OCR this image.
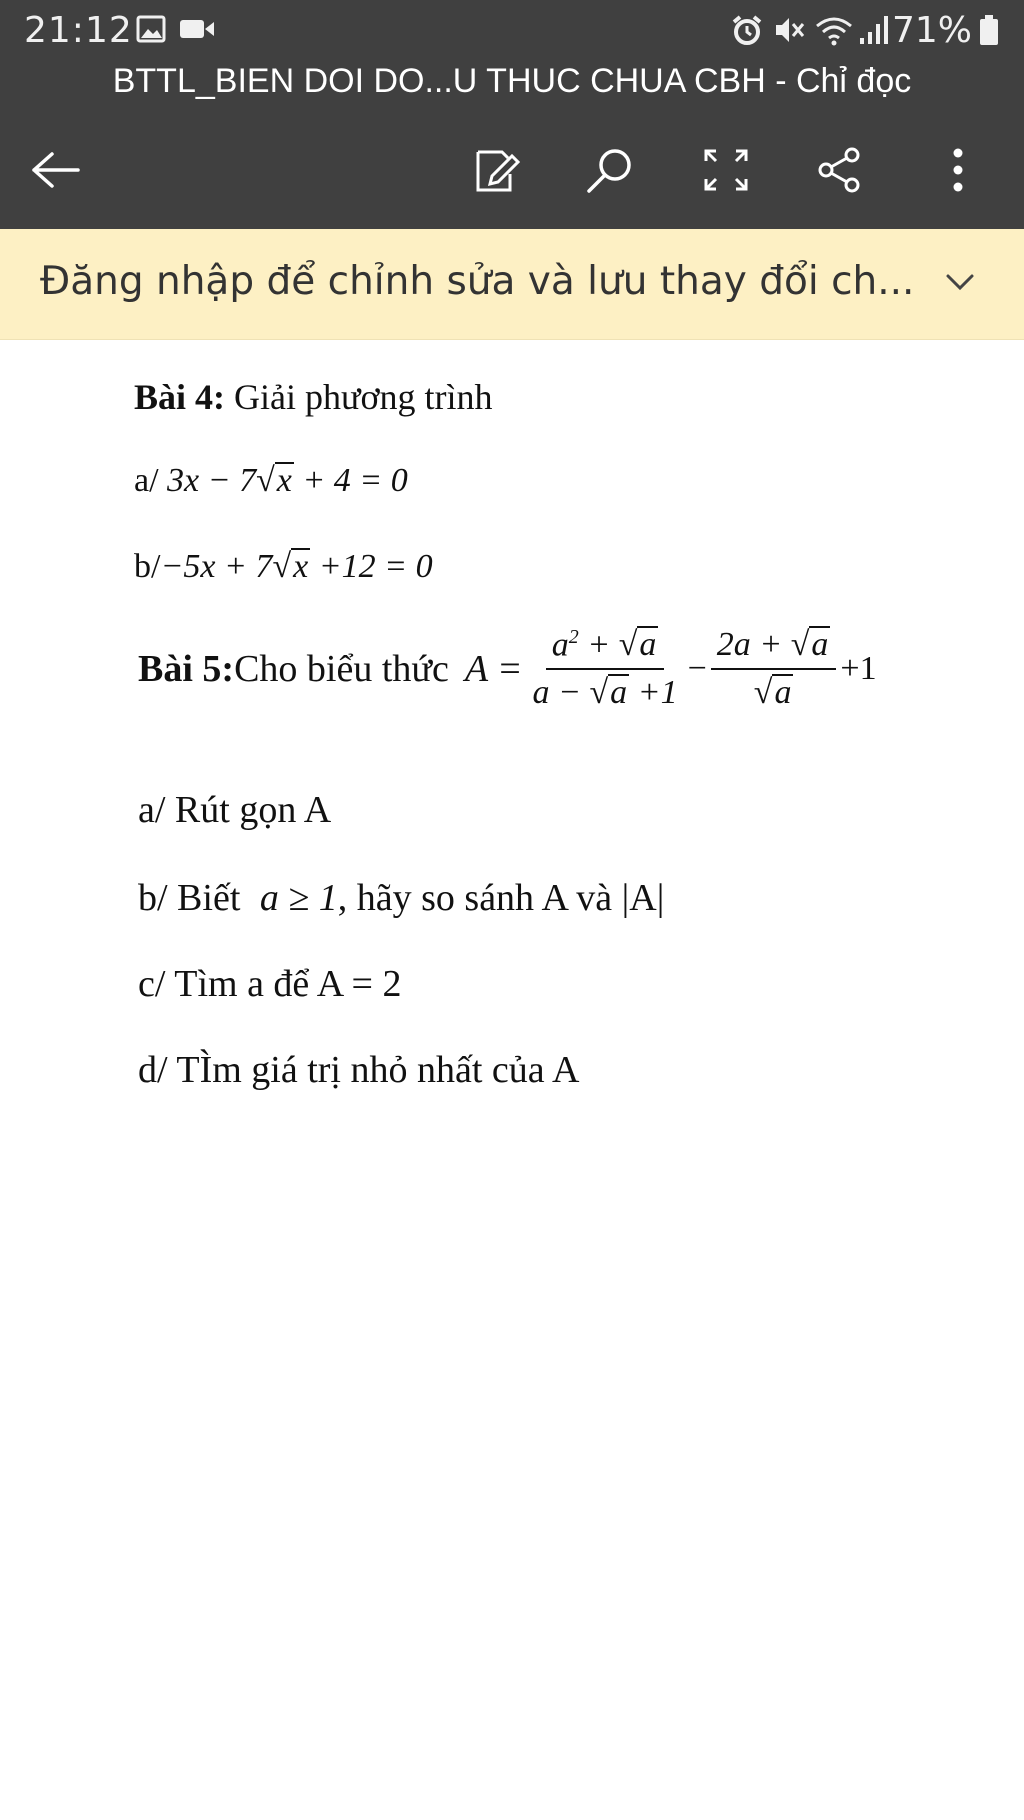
21:12	71%
BTTL_BIEN DOI DO...U THUC CHUA CBH - Chỉ đọc
Đăng nhập để chỉnh sửa và lưu thay đổi ch...
Bài 4: Giải phương trình
a/ 3x − 7√x + 4 = 0
b/−5x + 7√x +12 = 0
Bài 5: Cho biểu thức $A = \frac{a^2 + √a}{a - √a +1} - \frac{2a + √a}{√a} +1$
a/ Rút gọn A
b/ Biết a ≥ 1, hãy so sánh A và |A|
c/ Tìm a để A = 2
d/ TÌm giá trị nhỏ nhất của A
